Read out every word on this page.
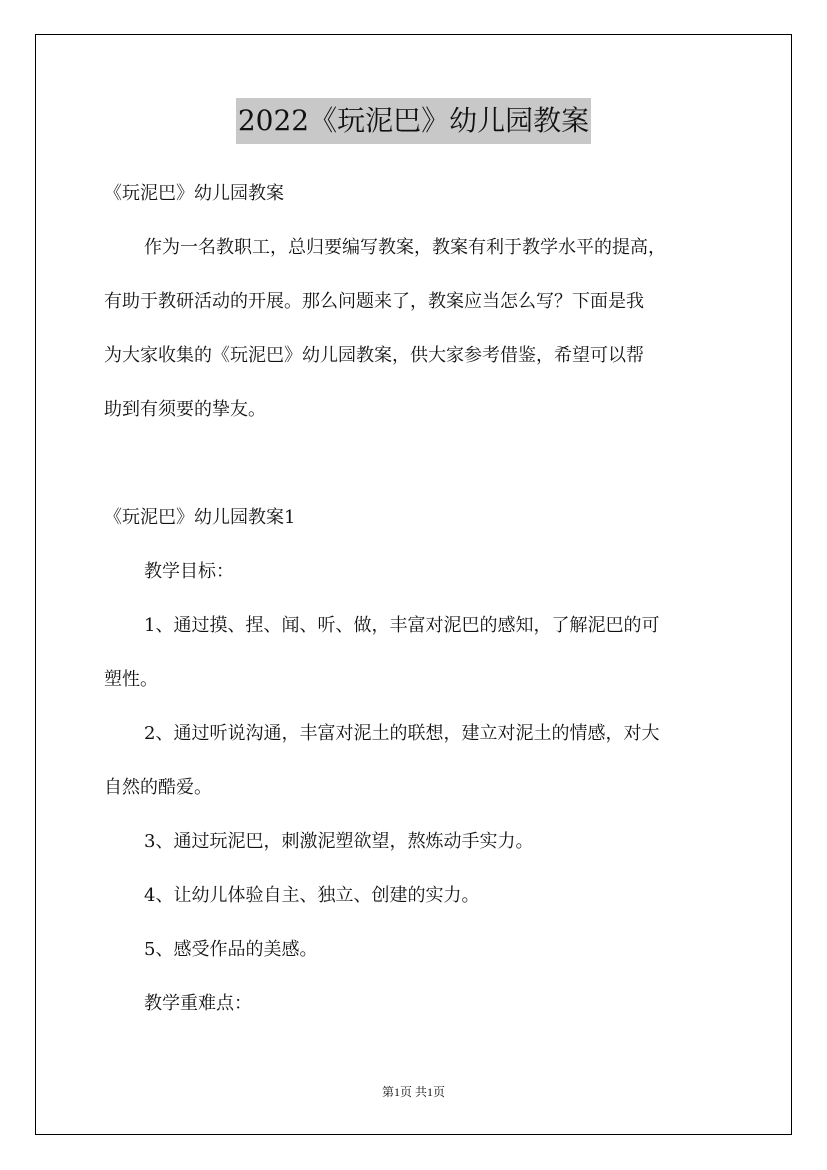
2022《玩泥巴》幼儿园教案
《玩泥巴》幼儿园教案
作为一名教职工，总归要编写教案，教案有利于教学水平的提高，
有助于教研活动的开展。那么问题来了，教案应当怎么写？下面是我
为大家收集的《玩泥巴》幼儿园教案，供大家参考借鉴，希望可以帮
助到有须要的挚友。
《玩泥巴》幼儿园教案1
教学目标：
1、通过摸、捏、闻、听、做，丰富对泥巴的感知，了解泥巴的可
塑性。
2、通过听说沟通，丰富对泥土的联想，建立对泥土的情感，对大
自然的酷爱。
3、通过玩泥巴，刺激泥塑欲望，熬炼动手实力。
4、让幼儿体验自主、独立、创建的实力。
5、感受作品的美感。
教学重难点：
第1页 共1页
